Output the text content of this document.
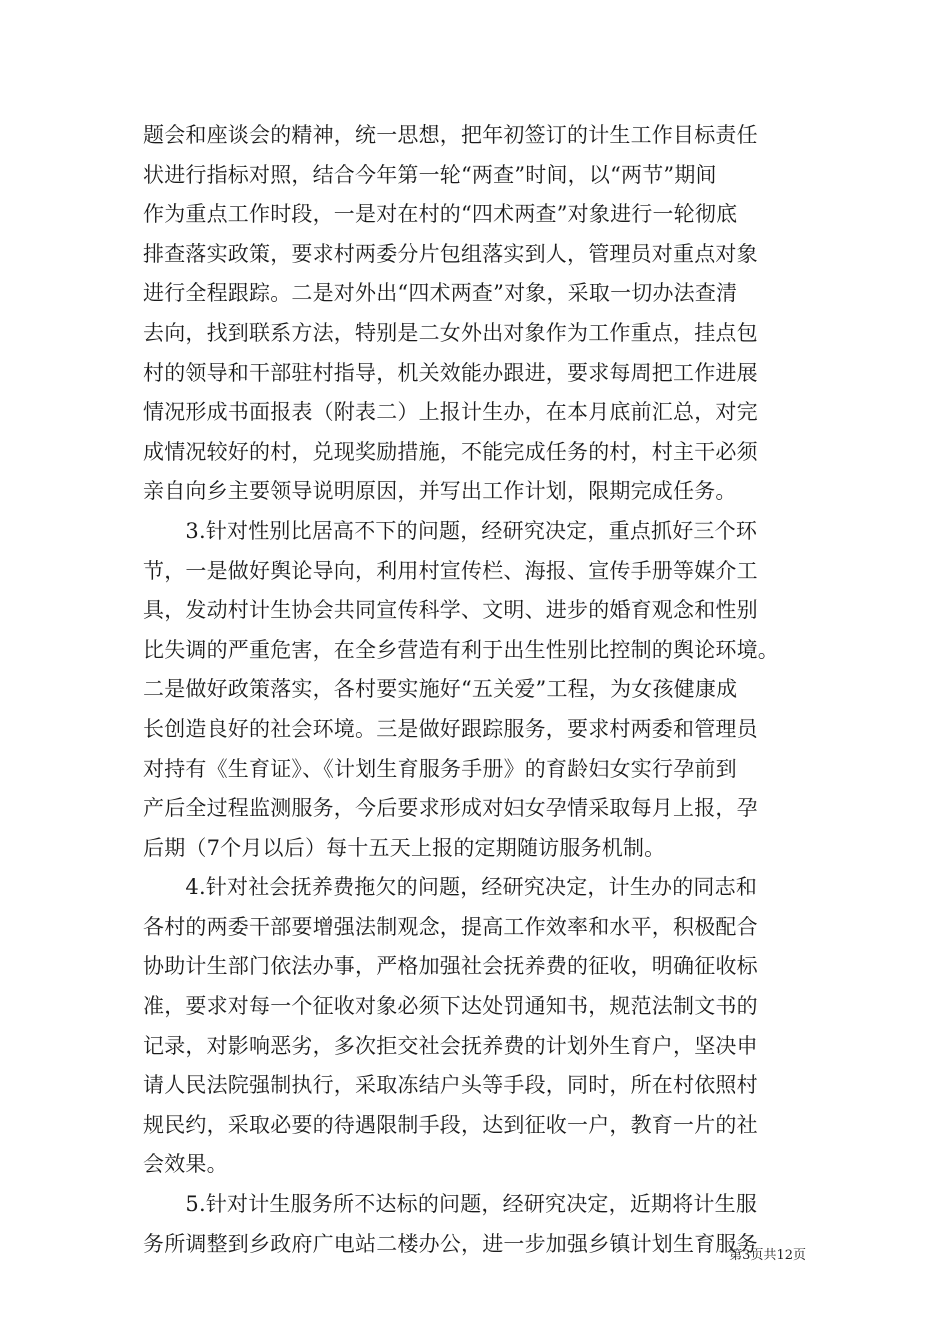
题会和座谈会的精神，统一思想，把年初签订的计生工作目标责任
状进行指标对照，结合今年第一轮“两查”时间，以“两节”期间
作为重点工作时段，一是对在村的“四术两查”对象进行一轮彻底
排查落实政策，要求村两委分片包组落实到人，管理员对重点对象
进行全程跟踪。二是对外出“四术两查”对象，采取一切办法查清
去向，找到联系方法，特别是二女外出对象作为工作重点，挂点包
村的领导和干部驻村指导，机关效能办跟进，要求每周把工作进展
情况形成书面报表（附表二）上报计生办，在本月底前汇总，对完
成情况较好的村，兑现奖励措施，不能完成任务的村，村主干必须
亲自向乡主要领导说明原因，并写出工作计划，限期完成任务。
　　3.针对性别比居高不下的问题，经研究决定，重点抓好三个环
节，一是做好舆论导向，利用村宣传栏、海报、宣传手册等媒介工
具，发动村计生协会共同宣传科学、文明、进步的婚育观念和性别
比失调的严重危害，在全乡营造有利于出生性别比控制的舆论环境。
二是做好政策落实，各村要实施好“五关爱”工程，为女孩健康成
长创造良好的社会环境。三是做好跟踪服务，要求村两委和管理员
对持有《生育证》、《计划生育服务手册》的育龄妇女实行孕前到
产后全过程监测服务，今后要求形成对妇女孕情采取每月上报，孕
后期（7个月以后）每十五天上报的定期随访服务机制。
　　4.针对社会抚养费拖欠的问题，经研究决定，计生办的同志和
各村的两委干部要增强法制观念，提高工作效率和水平，积极配合
协助计生部门依法办事，严格加强社会抚养费的征收，明确征收标
准，要求对每一个征收对象必须下达处罚通知书，规范法制文书的
记录，对影响恶劣，多次拒交社会抚养费的计划外生育户，坚决申
请人民法院强制执行，采取冻结户头等手段，同时，所在村依照村
规民约，采取必要的待遇限制手段，达到征收一户，教育一片的社
会效果。
　　5.针对计生服务所不达标的问题，经研究决定，近期将计生服
务所调整到乡政府广电站二楼办公，进一步加强乡镇计划生育服务
第3页共12页
